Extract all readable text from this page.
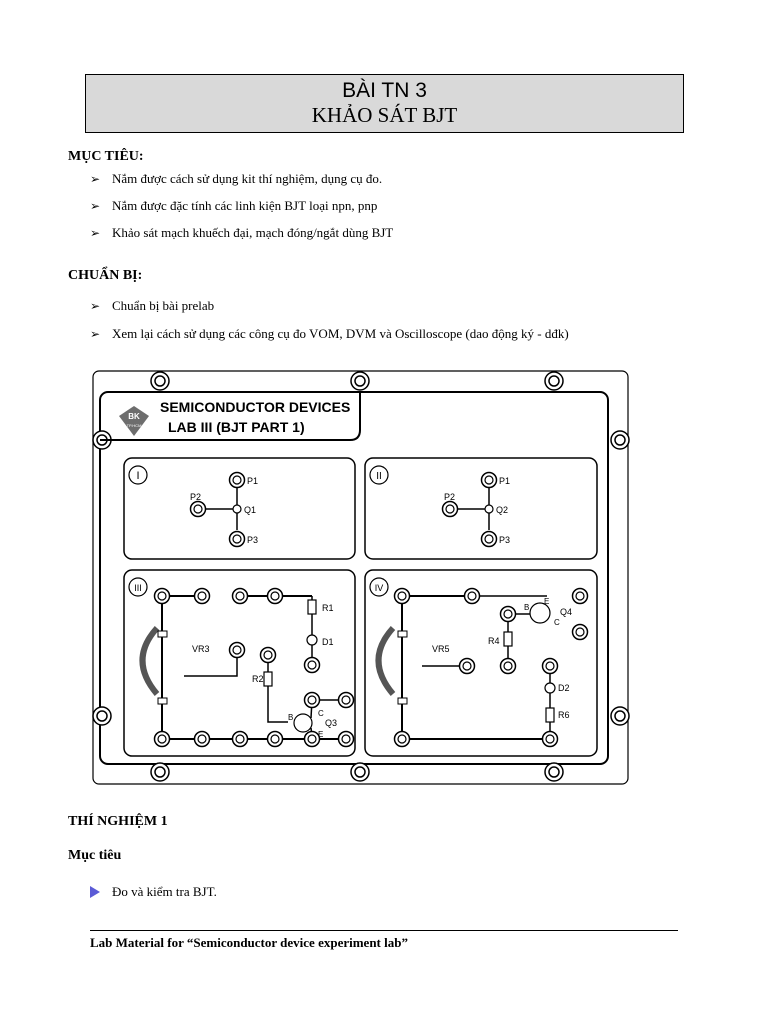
BÀI TN 3
KHẢO SÁT BJT
MỤC TIÊU:
➢ Nắm được cách sử dụng kit thí nghiệm, dụng cụ đo.
➢ Nắm được đặc tính các linh kiện BJT loại npn, pnp
➢ Khảo sát mạch khuếch đại, mạch đóng/ngắt dùng BJT
CHUẨN BỊ:
➢ Chuẩn bị bài prelab
➢ Xem lại cách sử dụng các công cụ đo VOM, DVM và Oscilloscope (dao động ký - dđk)
BK
TP.HCM
SEMICONDUCTOR DEVICES
LAB III (BJT PART 1)
I	P1
P2
P3
Q1
II	P1
P2
P3
Q2
III
R1
D1
VR3
R2
B	C
E
Q3
IV
VR5
R4
B
E
C
Q4
D2
R6
THÍ NGHIỆM 1
Mục tiêu
Đo và kiểm tra BJT.
Lab Material for “Semiconductor device experiment lab”
